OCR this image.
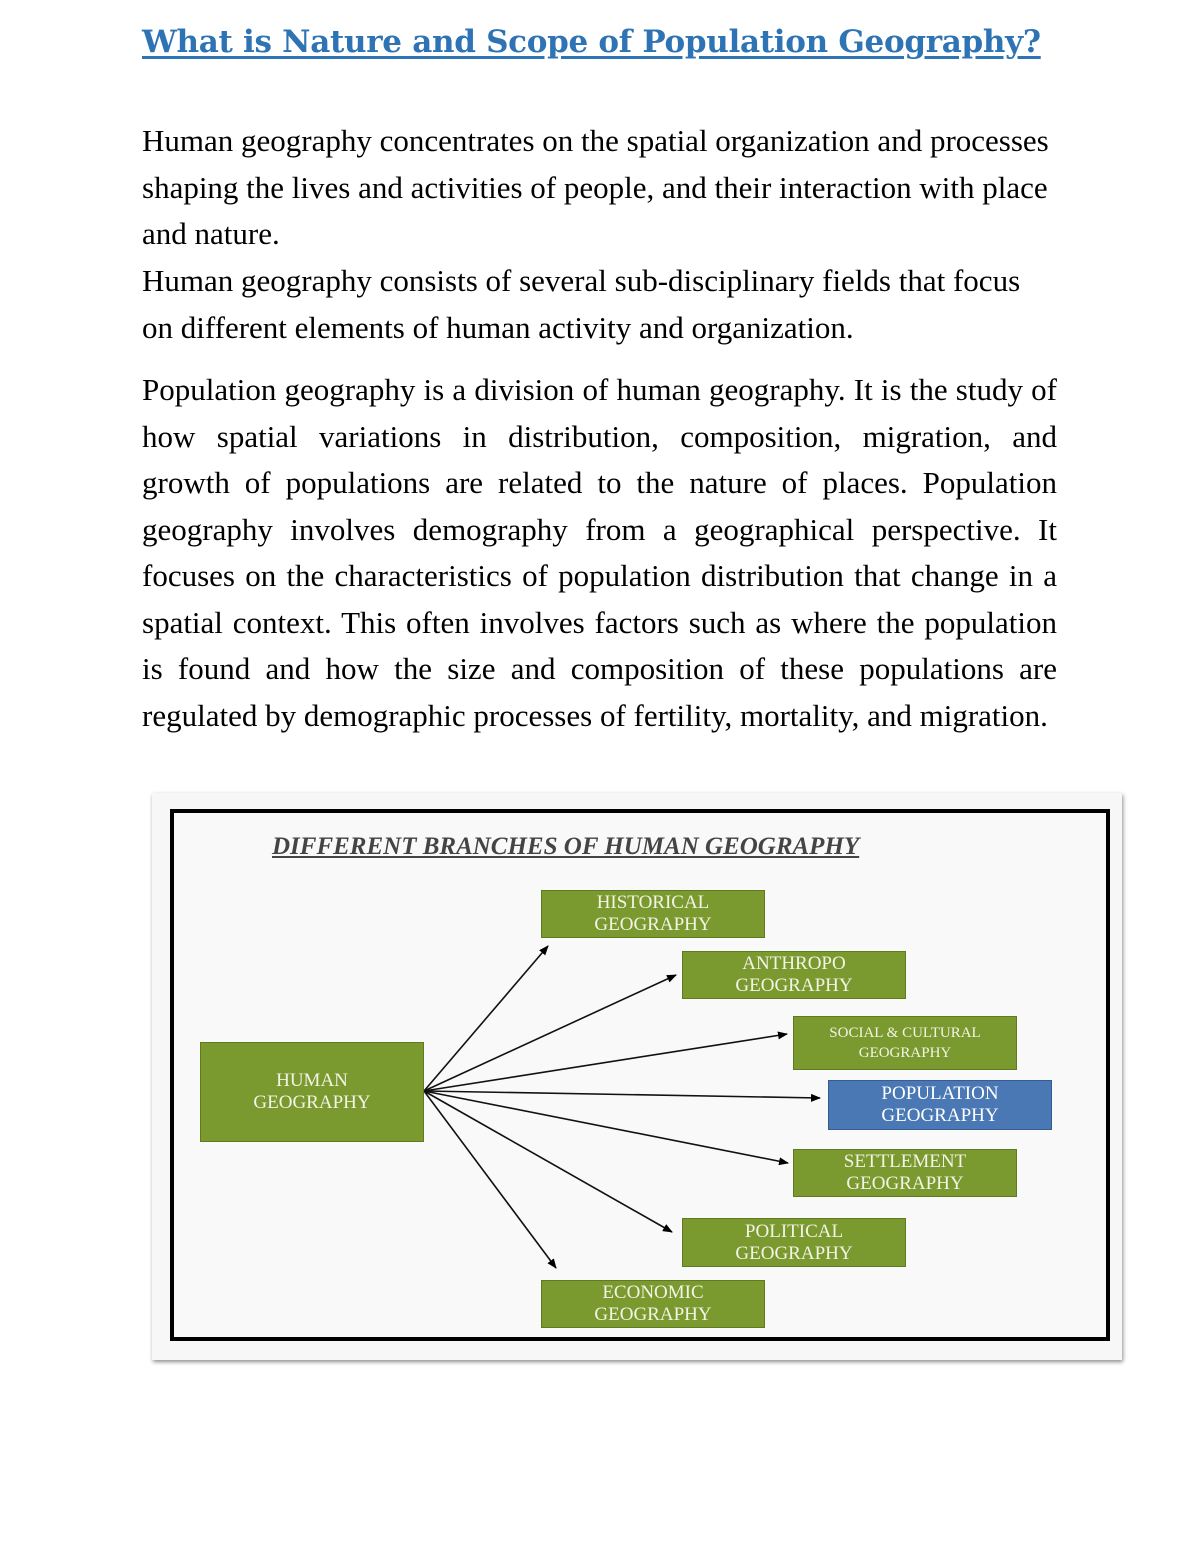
What is Nature and Scope of Population Geography?

Human geography concentrates on the spatial organization and processes shaping the lives and activities of people, and their interaction with place and nature.

Human geography consists of several sub-disciplinary fields that focus on different elements of human activity and organization.

Population geography is a division of human geography. It is the study of how spatial variations in distribution, composition, migration, and growth of populations are related to the nature of places. Population geography involves demography from a geographical perspective. It focuses on the characteristics of population distribution that change in a spatial context. This often involves factors such as where the population is found and how the size and composition of these populations are regulated by demographic processes of fertility, mortality, and migration.

DIFFERENT BRANCHES OF HUMAN GEOGRAPHY
HUMAN
GEOGRAPHY
HISTORICAL
GEOGRAPHY
ANTHROPO
GEOGRAPHY
SOCIAL & CULTURAL
GEOGRAPHY
POPULATION
GEOGRAPHY
SETTLEMENT
GEOGRAPHY
POLITICAL
GEOGRAPHY
ECONOMIC
GEOGRAPHY
